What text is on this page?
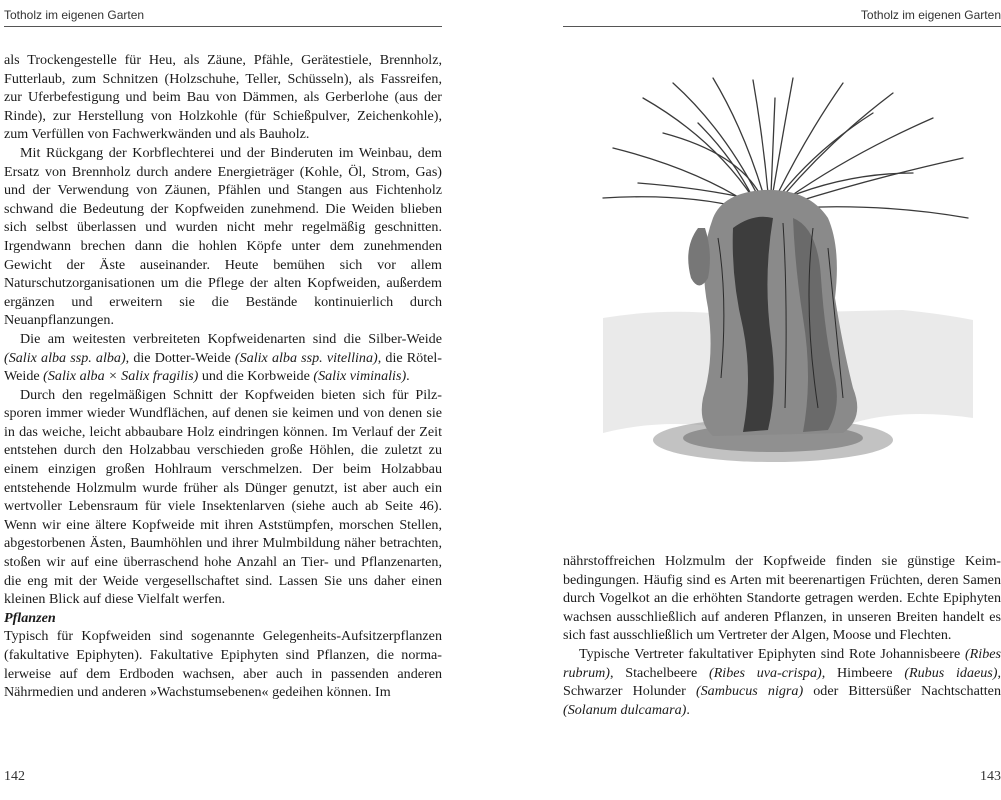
Totholz im eigenen Garten

als Trockengestelle für Heu, als Zäune, Pfähle, Gerätestiele, Brennholz, Futterlaub, zum Schnitzen (Holzschuhe, Teller, Schüsseln), als Fassreifen, zur Uferbefestigung und beim Bau von Dämmen, als Gerberlohe (aus der Rinde), zur Herstellung von Holzkohle (für Schießpulver, Zeichenkohle), zum Verfüllen von Fachwerkwänden und als Bauholz.

Mit Rückgang der Korbflechterei und der Binderuten im Weinbau, dem Ersatz von Brennholz durch andere Energieträger (Kohle, Öl, Strom, Gas) und der Verwendung von Zäunen, Pfählen und Stangen aus Fichtenholz schwand die Bedeutung der Kopfweiden zunehmend. Die Weiden blieben sich selbst überlassen und wurden nicht mehr regelmäßig geschnitten. Irgendwann brechen dann die hohlen Köpfe unter dem zunehmenden Gewicht der Äste auseinander. Heute bemühen sich vor allem Naturschutzorganisationen um die Pflege der alten Kopfweiden, außerdem ergänzen und erweitern sie die Bestände kontinuierlich durch Neuanpflanzungen.

Die am weitesten verbreiteten Kopfweidenarten sind die Silber-Weide (Salix alba ssp. alba), die Dotter-Weide (Salix alba ssp. vitellina), die Rötel-Weide (Salix alba × Salix fragilis) und die Korbweide (Salix viminalis).

Durch den regelmäßigen Schnitt der Kopfweiden bieten sich für Pilzsporen immer wieder Wundflächen, auf denen sie keimen und von denen sie in das weiche, leicht abbaubare Holz eindringen können. Im Verlauf der Zeit entstehen durch den Holzabbau verschieden große Höhlen, die zuletzt zu einem einzigen großen Hohlraum verschmelzen. Der beim Holzabbau entstehende Holzmulm wurde früher als Dünger genutzt, ist aber auch ein wertvoller Lebensraum für viele Insektenlarven (siehe auch ab Seite 46). Wenn wir eine ältere Kopfweide mit ihren Aststümpfen, morschen Stellen, abgestorbenen Ästen, Baumhöhlen und ihrer Mulmbildung näher betrachten, stoßen wir auf eine überraschend hohe Anzahl an Tier- und Pflanzenarten, die eng mit der Weide vergesellschaftet sind. Lassen Sie uns daher einen kleinen Blick auf diese Vielfalt werfen.

Pflanzen

Typisch für Kopfweiden sind sogenannte Gelegenheits-Aufsitzerpflanzen (fakultative Epiphyten). Fakultative Epiphyten sind Pflanzen, die normalerweise auf dem Erdboden wachsen, aber auch in passenden anderen Nährmedien und anderen »Wachstumsebenen« gedeihen können. Im

142
Totholz im eigenen Garten

nährstoffreichen Holzmulm der Kopfweide finden sie günstige Keimbedingungen. Häufig sind es Arten mit beerenartigen Früchten, deren Samen durch Vogelkot an die erhöhten Standorte getragen werden. Echte Epiphyten wachsen ausschließlich auf anderen Pflanzen, in unseren Breiten handelt es sich fast ausschließlich um Vertreter der Algen, Moose und Flechten.

Typische Vertreter fakultativer Epiphyten sind Rote Johannisbeere (Ribes rubrum), Stachelbeere (Ribes uva-crispa), Himbeere (Rubus idaeus), Schwarzer Holunder (Sambucus nigra) oder Bittersüßer Nachtschatten (Solanum dulcamara).

143
